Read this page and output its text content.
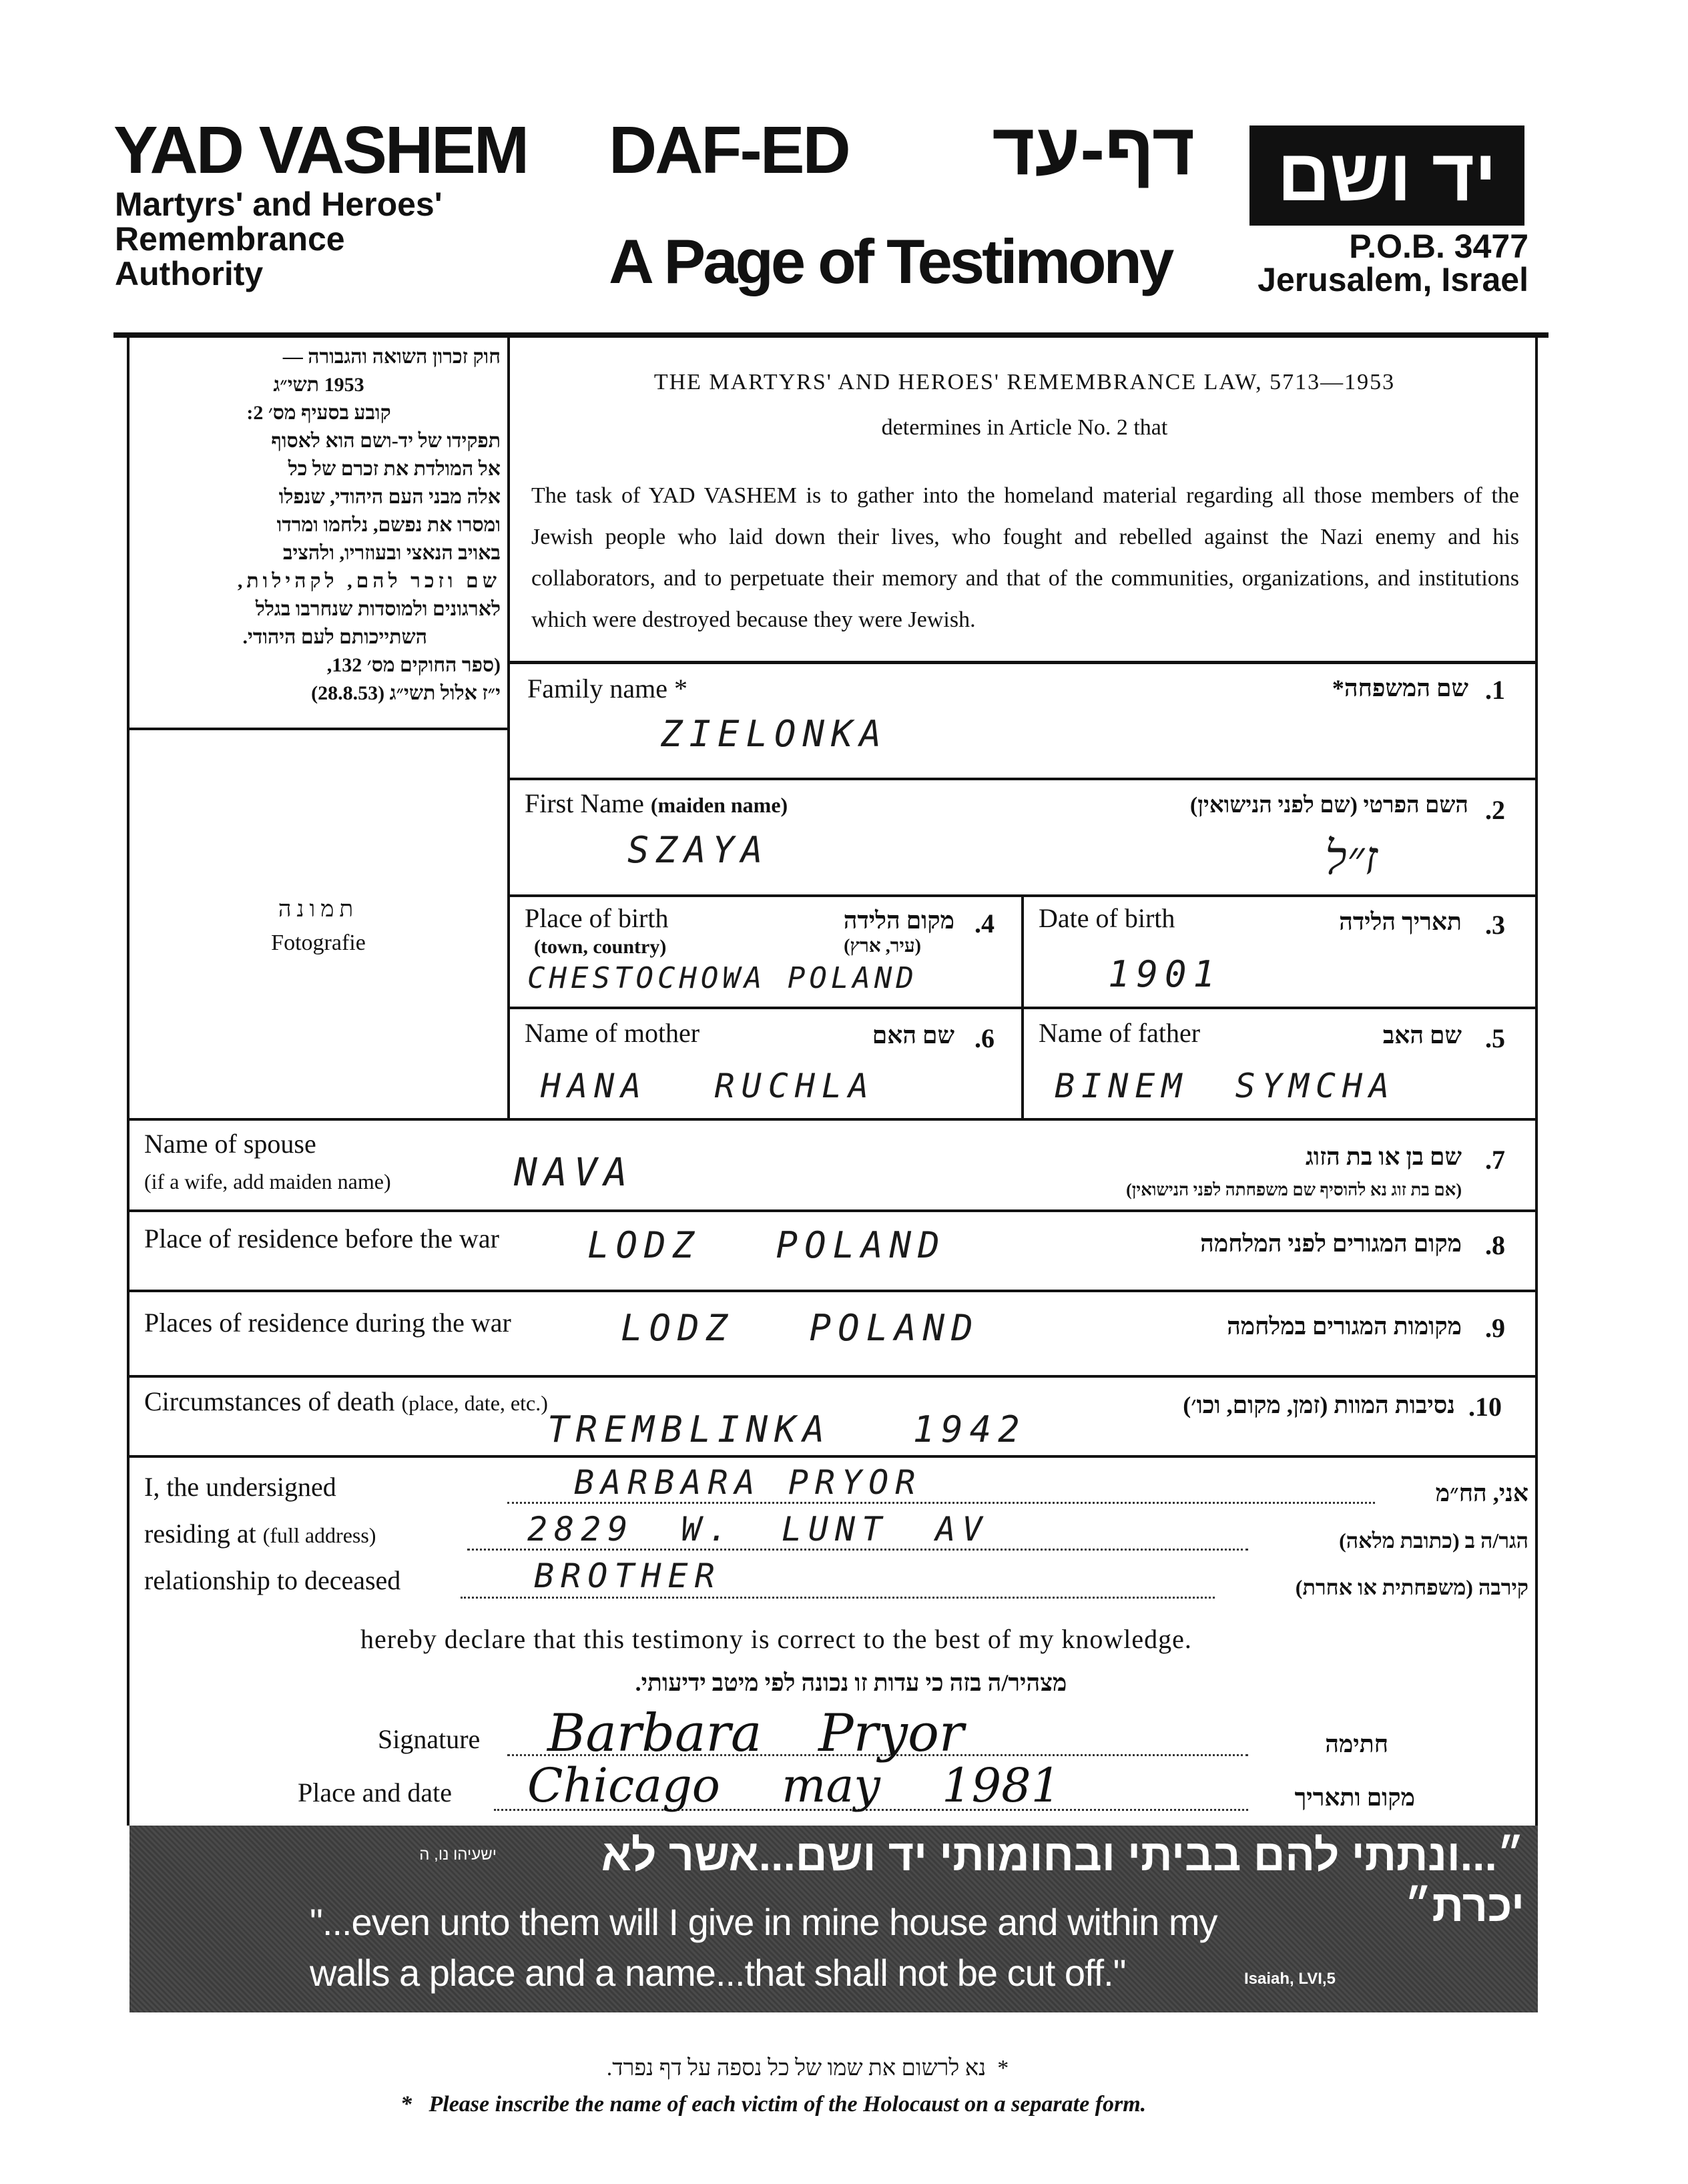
YAD VASHEM
Martyrs' and Heroes'
Remembrance
Authority
DAF-ED	דף-עד
A Page of Testimony
יד ושם
P.O.B. 3477
Jerusalem, Israel
חוק זכרון השואה והגבורה —
1953 תשי״ג
קובע בסעיף מס׳ 2:
תפקידו של יד-ושם הוא לאסוף
אל המולדת את זכרם של כל
אלה מבני העם היהודי, שנפלו
ומסרו את נפשם, נלחמו ומרדו
באויב הנאצי ובעוזריו, ולהציב
שם וזכר להם, לקהילות,
לארגונים ולמוסדות שנחרבו בגלל
השתייכותם לעם היהודי.
(ספר החוקים מס׳ 132,
י״ז אלול תשי״ג (28.8.53)
תמונה
Fotografie
THE MARTYRS' AND HEROES' REMEMBRANCE LAW, 5713—1953
determines in Article No. 2 that
The task of YAD VASHEM is to gather into the homeland material regarding all those members of the Jewish people who laid down their lives, who fought and rebelled against the Nazi enemy and his collaborators, and to perpetuate their memory and that of the communities, organizations, and institutions which were destroyed because they were Jewish.
Family name *	שם המשפחה* .1
ZIELONKA
First Name (maiden name)	השם הפרטי (שם לפני הנישואין) .2
SZAYA	ז״ל
Place of birth
(town, country)
מקום הלידה
(עיר, ארץ)
.4
CHESTOCHOWA POLAND
Date of birth	תאריך הלידה .3
1901
Name of mother	שם האם .6
HANA RUCHLA
Name of father	שם האב .5
BINEM SYMCHA
Name of spouse
(if a wife, add maiden name)	NAVA	שם בן או בת הזוג
(אם בת זוג נא להוסיף שם משפחתה לפני הנישואין)
.7
Place of residence before the war LODZ POLAND	מקום המגורים לפני המלחמה .8
Places of residence during the war	LODZ POLAND	מקומות המגורים במלחמה .9
Circumstances of death (place, date, etc.)
TREMBLINKA 1942
נסיבות המוות (זמן, מקום, וכו׳) .10
I, the undersigned	BARBARA PRYOR	אני, הח״מ
residing at (full address)	2829 W. LUNT AV	הגר/ה ב (כתובת מלאה)
relationship to deceased	BROTHER	קירבה (משפחתית או אחרת)
hereby declare that this testimony is correct to the best of my knowledge.
מצהיר/ה בזה כי עדות זו נכונה לפי מיטב ידיעותי.
Signature Barbara Pryor	חתימה
Place and date Chicago may 1981	מקום ותאריך
״...ונתתי להם בביתי ובחומותי יד ושם...אשר לא יכרת״
ישעיהו נו, ה
"...even unto them will I give in mine house and within my
walls a place and a name...that shall not be cut off."	Isaiah, LVI,5
*  נא לרשום את שמו של כל נספה על דף נפרד.
*   Please inscribe the name of each victim of the Holocaust on a separate form.
